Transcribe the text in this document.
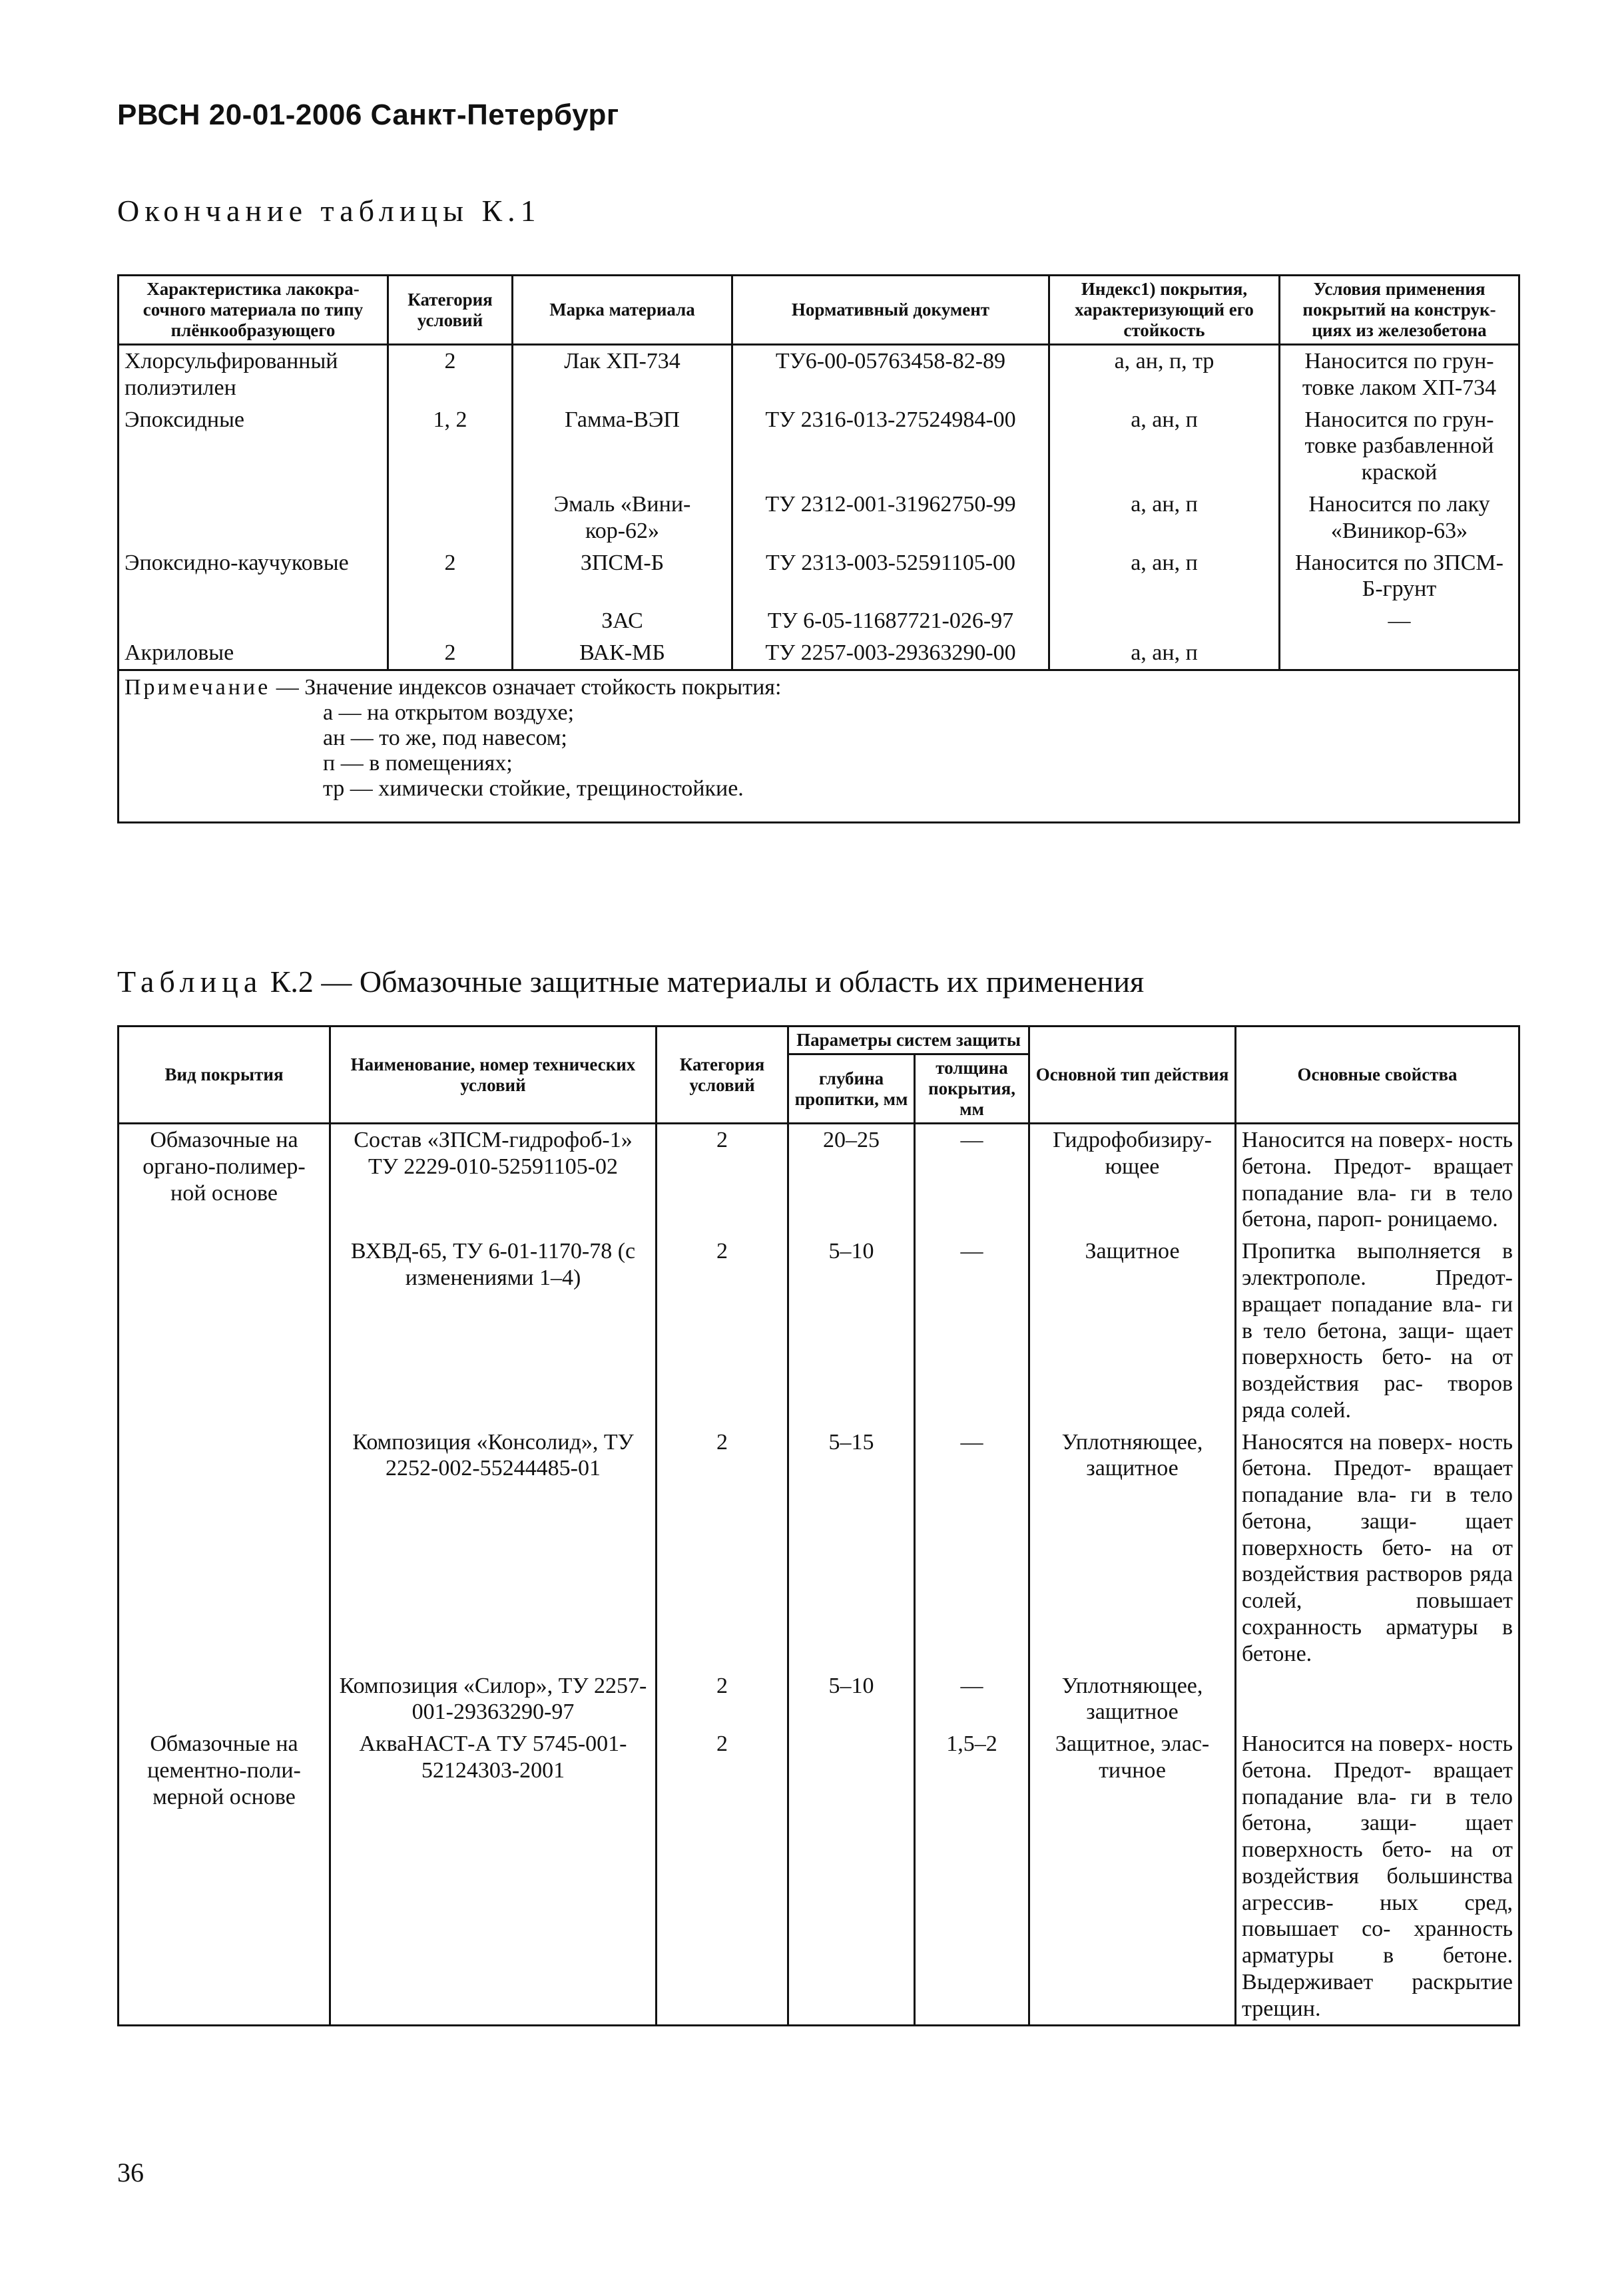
РВСН 20-01-2006 Санкт-Петербург
Окончание таблицы К.1
Характеристика лакокра- сочного материала по типу плёнкообразующего	Категория условий	Марка материала	Нормативный документ	Индекс1) покрытия, характеризующий его стойкость	Условия применения покрытий на конструк- циях из железобетона
Хлорсульфированный полиэтилен	2	Лак ХП-734	ТУ6-00-05763458-82-89	а, ан, п, тр	Наносится по грун- товке лаком ХП-734
Эпоксидные	1, 2	Гамма-ВЭП	ТУ 2316-013-27524984-00	а, ан, п	Наносится по грун- товке разбавленной краской
		Эмаль «Вини- кор-62»	ТУ 2312-001-31962750-99	а, ан, п	Наносится по лаку «Виникор-63»
Эпоксидно-каучуковые	2	ЗПСМ-Б	ТУ 2313-003-52591105-00	а, ан, п	Наносится по ЗПСМ-Б-грунт
		ЗАС	ТУ 6-05-11687721-026-97		—
Акриловые	2	ВАК-МБ	ТУ 2257-003-29363290-00	а, ан, п	

Примечание — Значение индексов означает стойкость покрытия:
а — на открытом воздухе;
ан — то же, под навесом;
п — в помещениях;
тр — химически стойкие, трещиностойкие.					
Таблица К.2 — Обмазочные защитные материалы и область их применения
Вид покрытия	Наименование, номер технических условий	Категория условий	Параметры систем защиты		Основной тип действия	Основные свойства
			глубина пропитки, мм	толщина покрытия, мм		
Обмазочные на органо-полимер- ной основе	Состав «ЗПСМ-гидрофоб-1» ТУ 2229-010-52591105-02	2	20–25	—	Гидрофобизиру- ющее	Наносится на поверх- ность бетона. Предот- вращает попадание вла- ги в тело бетона, пароп- роницаемо.
	ВХВД-65, ТУ 6-01-1170-78 (с изменениями 1–4)	2	5–10	—	Защитное	Пропитка выполняется в электрополе. Предот- вращает попадание вла- ги в тело бетона, защи- щает поверхность бето- на от воздействия рас- творов ряда солей.
	Композиция «Консолид», ТУ 2252-002-55244485-01	2	5–15	—	Уплотняющее, защитное	Наносятся на поверх- ность бетона. Предот- вращает попадание вла- ги в тело бетона, защи- щает поверхность бето- на от воздействия растворов ряда солей, повышает сохранность арматуры в бетоне.
	Композиция «Силор», ТУ 2257-001-29363290-97	2	5–10	—	Уплотняющее, защитное	
Обмазочные на цементно-поли- мерной основе	АкваНАСТ-А ТУ 5745-001-52124303-2001	2		1,5–2	Защитное, элас- тичное	Наносится на поверх- ность бетона. Предот- вращает попадание вла- ги в тело бетона, защи- щает поверхность бето- на от воздействия большинства агрессив- ных сред, повышает со- хранность арматуры в бетоне. Выдерживает раскрытие трещин.
36
